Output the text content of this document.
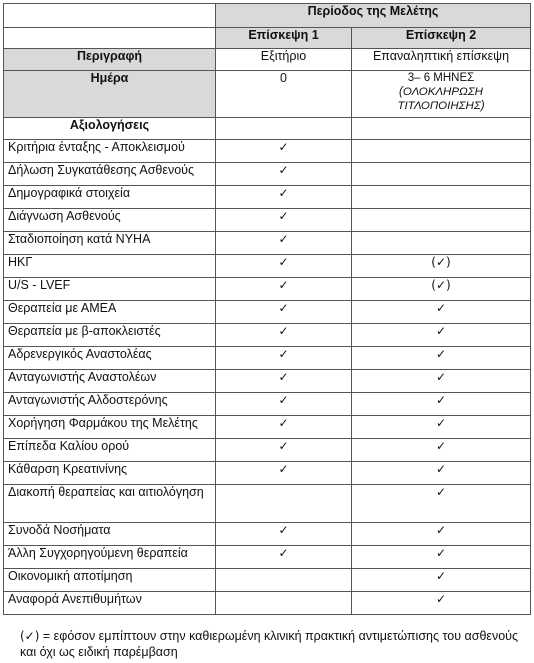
	Περίοδος της Μελέτης	
	Επίσκεψη 1	Επίσκεψη 2
Περιγραφή	Εξιτήριο	Επαναληπτική επίσκεψη
Ημέρα	0	3– 6 ΜΗΝΕΣ
(ΟΛΟΚΛΗΡΩΣΗ ΤΙΤΛΟΠΟΙΗΣΗΣ)

Αξιολογήσεις		
Κριτήρια ένταξης - Αποκλεισμού	✓	
Δήλωση Συγκατάθεσης Ασθενούς	✓	
Δημογραφικά στοιχεία	✓	
Διάγνωση Ασθενούς	✓	
Σταδιοποίηση κατά NYHA	✓	
ΗΚΓ	✓	(✓)
U/S - LVEF	✓	(✓)
Θεραπεία με ΑΜΕΑ	✓	✓
Θεραπεία με β-αποκλειστές	✓	✓
Αδρενεργικός Αναστολέας	✓	✓
Ανταγωνιστής Αναστολέων	✓	✓
Ανταγωνιστής Αλδοστερόνης	✓	✓
Χορήγηση Φαρμάκου της Μελέτης	✓	✓
Επίπεδα Καλίου ορού	✓	✓
Κάθαρση Κρεατινίνης	✓	✓
Διακοπή θεραπείας και αιτιολόγηση		✓
Συνοδά Νοσήματα	✓	✓
Άλλη Συγχορηγούμενη θεραπεία	✓	✓
Οικονομική αποτίμηση		✓
Αναφορά Ανεπιθυμήτων		✓
(✓) = εφόσον εμπίπτουν στην καθιερωμένη κλινική πρακτική αντιμετώπισης του ασθενούς και όχι ως ειδική παρέμβαση
